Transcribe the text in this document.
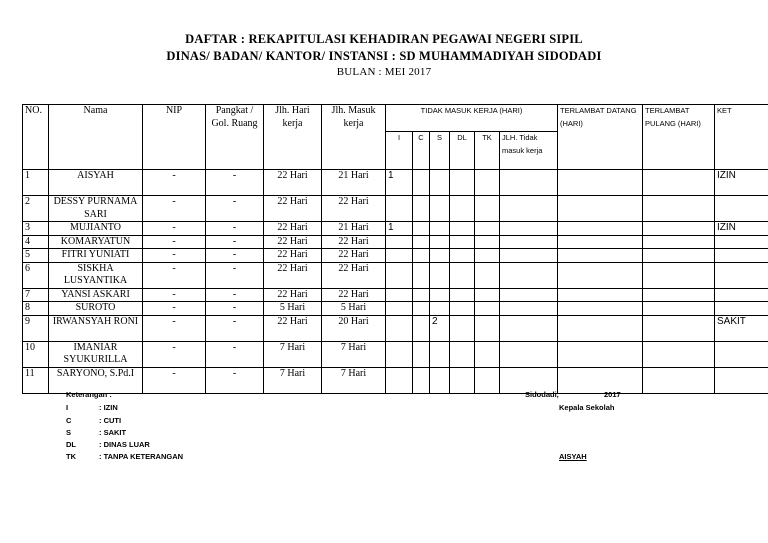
DAFTAR : REKAPITULASI KEHADIRAN PEGAWAI NEGERI SIPIL
DINAS/ BADAN/ KANTOR/ INSTANSI : SD MUHAMMADIYAH SIDODADI
BULAN : MEI 2017
NO.	Nama	NIP	Pangkat / Gol. Ruang	Jlh. Hari kerja	Jlh. Masuk kerja	TIDAK MASUK KERJA (HARI)						TERLAMBAT DATANG (HARI)	TERLAMBAT PULANG (HARI)	KET
						I	C	S	DL	TK	JLH. Tidak masuk kerja			
1	AISYAH	-	-	22 Hari	21 Hari	1								IZIN
2	DESSY PURNAMA SARI	-	-	22 Hari	22 Hari									
3	MUJIANTO	-	-	22 Hari	21 Hari	1								IZIN
4	KOMARYATUN	-	-	22 Hari	22 Hari									
5	FITRI YUNIATI	-	-	22 Hari	22 Hari									
6	SISKHA LUSYANTIKA	-	-	22 Hari	22 Hari									
7	YANSI ASKARI	-	-	22 Hari	22 Hari									
8	SUROTO	-	-	5 Hari	5 Hari									
9	IRWANSYAH RONI	-	-	22 Hari	20 Hari			2						SAKIT
10	IMANIAR SYUKURILLA	-	-	7 Hari	7 Hari									
11	SARYONO, S.Pd.I	-	-	7 Hari	7 Hari									
Keterangan :
I	: IZIN
C	: CUTI
S	: SAKIT
DL	: DINAS LUAR
TK	: TANPA KETERANGAN
Sidodadi,	2017
Kepala Sekolah
AISYAH
